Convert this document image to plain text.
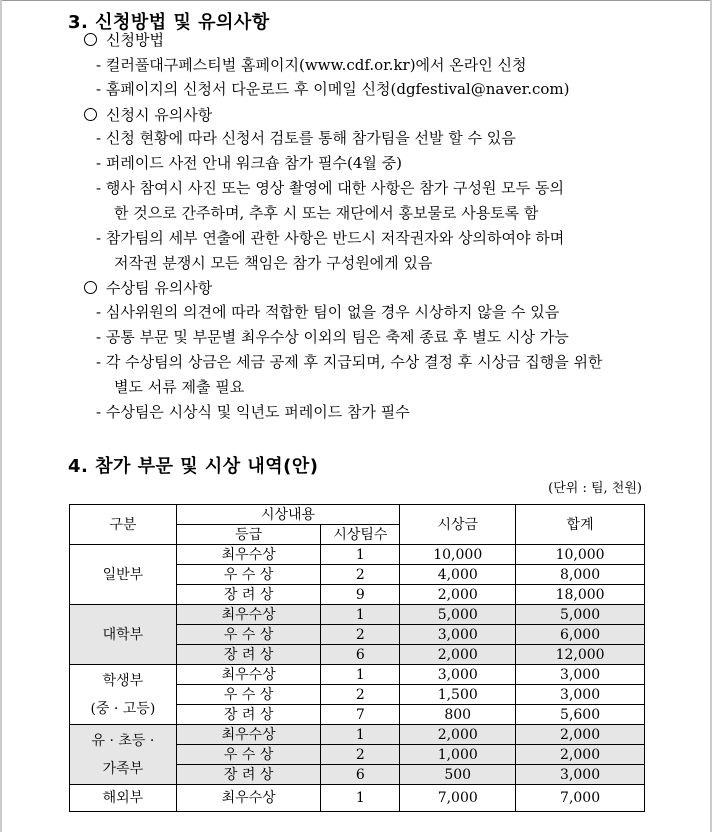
3. 신청방법 및 유의사항
신청방법
- 컬러풀대구페스티벌 홈페이지(www.cdf.or.kr)에서 온라인 신청
- 홈페이지의 신청서 다운로드 후 이메일 신청(dgfestival@naver.com)
신청시 유의사항
- 신청 현황에 따라 신청서 검토를 통해 참가팀을 선발 할 수 있음
- 퍼레이드 사전 안내 워크숍 참가 필수(4월 중)
- 행사 참여시 사진 또는 영상 촬영에 대한 사항은 참가 구성원 모두 동의
한 것으로 간주하며, 추후 시 또는 재단에서 홍보물로 사용토록 함
- 참가팀의 세부 연출에 관한 사항은 반드시 저작권자와 상의하여야 하며
저작권 분쟁시 모든 책임은 참가 구성원에게 있음
수상팀 유의사항
- 심사위원의 의견에 따라 적합한 팀이 없을 경우 시상하지 않을 수 있음
- 공통 부문 및 부문별 최우수상 이외의 팀은 축제 종료 후 별도 시상 가능
- 각 수상팀의 상금은 세금 공제 후 지급되며, 수상 결정 후 시상금 집행을 위한
별도 서류 제출 필요
- 수상팀은 시상식 및 익년도 퍼레이드 참가 필수
4. 참가 부문 및 시상 내역(안)
(단위 : 팀, 천원)
구분	시상내용		시상금	합계
	등급	시상팀수		

일반부	최우수상	1	10,000	10,000
	우 수 상	2	4,000	8,000
	장 려 상	9	2,000	18,000

대학부	최우수상	1	5,000	5,000
	우 수 상	2	3,000	6,000
	장 려 상	6	2,000	12,000

학생부
(중 · 고등)	최우수상	1	3,000	3,000
	우 수 상	2	1,500	3,000
	장 려 상	7	800	5,600

유 · 초등 ·
가족부	최우수상	1	2,000	2,000
	우 수 상	2	1,000	2,000
	장 려 상	6	500	3,000

해외부	최우수상	1	7,000	7,000
